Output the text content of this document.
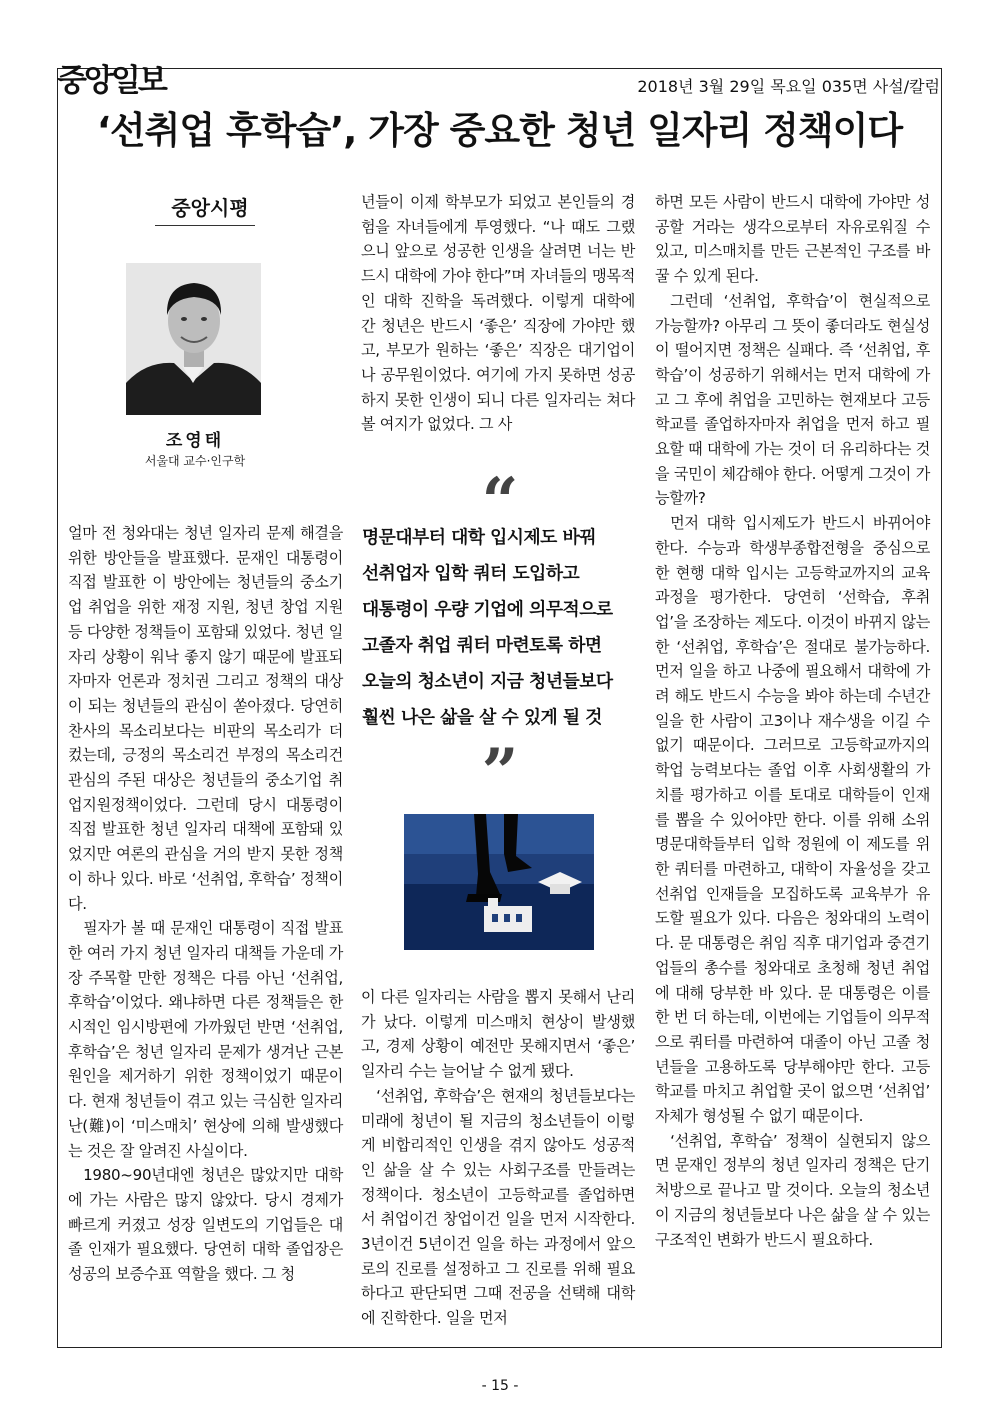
중앙일보	2018년 3월 29일 목요일 035면 사설/칼럼
‘선취업 후학습’, 가장 중요한 청년 일자리 정책이다
중앙시평
조영태
서울대 교수·인구학

얼마 전 청와대는 청년 일자리 문제 해결을 위한 방안들을 발표했다. 문재인 대통령이 직접 발표한 이 방안에는 청년들의 중소기업 취업을 위한 재정 지원, 청년 창업 지원 등 다양한 정책들이 포함돼 있었다. 청년 일자리 상황이 워낙 좋지 않기 때문에 발표되자마자 언론과 정치권 그리고 정책의 대상이 되는 청년들의 관심이 쏟아졌다. 당연히 찬사의 목소리보다는 비판의 목소리가 더 컸는데, 긍정의 목소리건 부정의 목소리건 관심의 주된 대상은 청년들의 중소기업 취업지원정책이었다. 그런데 당시 대통령이 직접 발표한 청년 일자리 대책에 포함돼 있었지만 여론의 관심을 거의 받지 못한 정책이 하나 있다. 바로 ‘선취업, 후학습’ 정책이다.

필자가 볼 때 문재인 대통령이 직접 발표한 여러 가지 청년 일자리 대책들 가운데 가장 주목할 만한 정책은 다름 아닌 ‘선취업, 후학습’이었다. 왜냐하면 다른 정책들은 한시적인 임시방편에 가까웠던 반면 ‘선취업, 후학습’은 청년 일자리 문제가 생겨난 근본 원인을 제거하기 위한 정책이었기 때문이다. 현재 청년들이 겪고 있는 극심한 일자리난(難)이 ‘미스매치’ 현상에 의해 발생했다는 것은 잘 알려진 사실이다.

1980~90년대엔 청년은 많았지만 대학에 가는 사람은 많지 않았다. 당시 경제가 빠르게 커졌고 성장 일변도의 기업들은 대졸 인재가 필요했다. 당연히 대학 졸업장은 성공의 보증수표 역할을 했다. 그 청

년들이 이제 학부모가 되었고 본인들의 경험을 자녀들에게 투영했다. “나 때도 그랬으니 앞으로 성공한 인생을 살려면 너는 반드시 대학에 가야 한다”며 자녀들의 맹목적인 대학 진학을 독려했다. 이렇게 대학에 간 청년은 반드시 ‘좋은’ 직장에 가야만 했고, 부모가 원하는 ‘좋은’ 직장은 대기업이나 공무원이었다. 여기에 가지 못하면 성공하지 못한 인생이 되니 다른 일자리는 쳐다볼 여지가 없었다. 그 사

“
명문대부터 대학 입시제도 바꿔
선취업자 입학 쿼터 도입하고
대통령이 우량 기업에 의무적으로
고졸자 취업 쿼터 마련토록 하면
오늘의 청소년이 지금 청년들보다
훨씬 나은 삶을 살 수 있게 될 것
”

이 다른 일자리는 사람을 뽑지 못해서 난리가 났다. 이렇게 미스매치 현상이 발생했고, 경제 상황이 예전만 못해지면서 ‘좋은’ 일자리 수는 늘어날 수 없게 됐다.

‘선취업, 후학습’은 현재의 청년들보다는 미래에 청년이 될 지금의 청소년들이 이렇게 비합리적인 인생을 겪지 않아도 성공적인 삶을 살 수 있는 사회구조를 만들려는 정책이다. 청소년이 고등학교를 졸업하면서 취업이건 창업이건 일을 먼저 시작한다. 3년이건 5년이건 일을 하는 과정에서 앞으로의 진로를 설정하고 그 진로를 위해 필요하다고 판단되면 그때 전공을 선택해 대학에 진학한다. 일을 먼저

하면 모든 사람이 반드시 대학에 가야만 성공할 거라는 생각으로부터 자유로워질 수 있고, 미스매치를 만든 근본적인 구조를 바꿀 수 있게 된다.

그런데 ‘선취업, 후학습’이 현실적으로 가능할까? 아무리 그 뜻이 좋더라도 현실성이 떨어지면 정책은 실패다. 즉 ‘선취업, 후학습’이 성공하기 위해서는 먼저 대학에 가고 그 후에 취업을 고민하는 현재보다 고등학교를 졸업하자마자 취업을 먼저 하고 필요할 때 대학에 가는 것이 더 유리하다는 것을 국민이 체감해야 한다. 어떻게 그것이 가능할까?

먼저 대학 입시제도가 반드시 바뀌어야 한다. 수능과 학생부종합전형을 중심으로 한 현행 대학 입시는 고등학교까지의 교육과정을 평가한다. 당연히 ‘선학습, 후취업’을 조장하는 제도다. 이것이 바뀌지 않는 한 ‘선취업, 후학습’은 절대로 불가능하다. 먼저 일을 하고 나중에 필요해서 대학에 가려 해도 반드시 수능을 봐야 하는데 수년간 일을 한 사람이 고3이나 재수생을 이길 수 없기 때문이다. 그러므로 고등학교까지의 학업 능력보다는 졸업 이후 사회생활의 가치를 평가하고 이를 토대로 대학들이 인재를 뽑을 수 있어야만 한다. 이를 위해 소위 명문대학들부터 입학 정원에 이 제도를 위한 쿼터를 마련하고, 대학이 자율성을 갖고 선취업 인재들을 모집하도록 교육부가 유도할 필요가 있다. 다음은 청와대의 노력이다. 문 대통령은 취임 직후 대기업과 중견기업들의 총수를 청와대로 초청해 청년 취업에 대해 당부한 바 있다. 문 대통령은 이를 한 번 더 하는데, 이번에는 기업들이 의무적으로 쿼터를 마련하여 대졸이 아닌 고졸 청년들을 고용하도록 당부해야만 한다. 고등학교를 마치고 취업할 곳이 없으면 ‘선취업’ 자체가 형성될 수 없기 때문이다.

‘선취업, 후학습’ 정책이 실현되지 않으면 문재인 정부의 청년 일자리 정책은 단기 처방으로 끝나고 말 것이다. 오늘의 청소년이 지금의 청년들보다 나은 삶을 살 수 있는 구조적인 변화가 반드시 필요하다.

- 15 -
